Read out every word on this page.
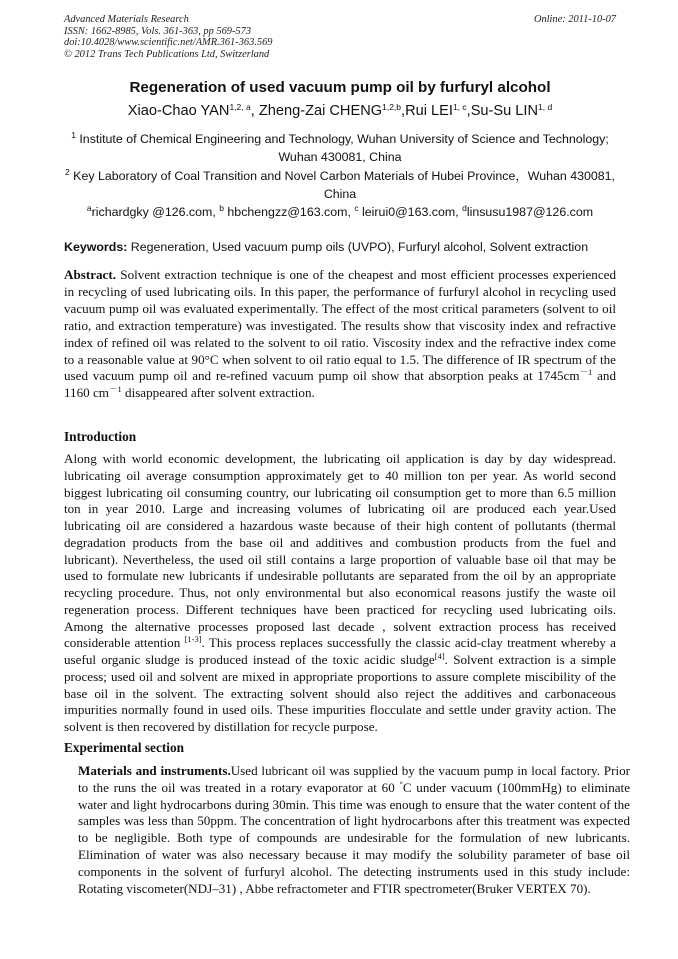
Advanced Materials Research
ISSN: 1662-8985, Vols. 361-363, pp 569-573
doi:10.4028/www.scientific.net/AMR.361-363.569
© 2012 Trans Tech Publications Ltd, Switzerland
Online: 2011-10-07
Regeneration of used vacuum pump oil by furfuryl alcohol
Xiao-Chao YAN$^{1,2, a}$, Zheng-Zai CHENG$^{1,2,b}$,Rui LEI$^{1, c}$,Su-Su LIN$^{1, d}$
$^1$ Institute of Chemical Engineering and Technology, Wuhan University of Science and Technology; Wuhan 430081, China
$^2$ Key Laboratory of Coal Transition and Novel Carbon Materials of Hubei Province，Wuhan 430081, China
$^a$richardgky @126.com, $^b$ hbchengzz@163.com, $^c$ leirui0@163.com, $^d$linsusu1987@126.com
Keywords: Regeneration, Used vacuum pump oils (UVPO), Furfuryl alcohol, Solvent extraction
Abstract. Solvent extraction technique is one of the cheapest and most efficient processes experienced in recycling of used lubricating oils. In this paper, the performance of furfuryl alcohol in recycling used vacuum pump oil was evaluated experimentally. The effect of the most critical parameters (solvent to oil ratio, and extraction temperature) was investigated. The results show that viscosity index and refractive index of refined oil was related to the solvent to oil ratio. Viscosity index and the refractive index come to a reasonable value at 90°C when solvent to oil ratio equal to 1.5. The difference of IR spectrum of the used vacuum pump oil and re-refined vacuum pump oil show that absorption peaks at $1745cm^{-1}$ and 1160 $cm^{-1}$ disappeared after solvent extraction.
Introduction
Along with world economic development, the lubricating oil application is day by day widespread. lubricating oil average consumption approximately get to 40 million ton per year. As world second biggest lubricating oil consuming country, our lubricating oil consumption get to more than 6.5 million ton in year 2010. Large and increasing volumes of lubricating oil are produced each year.Used lubricating oil are considered a hazardous waste because of their high content of pollutants (thermal degradation products from the base oil and additives and combustion products from the fuel and lubricant). Nevertheless, the used oil still contains a large proportion of valuable base oil that may be used to formulate new lubricants if undesirable pollutants are separated from the oil by an appropriate recycling procedure. Thus, not only environmental but also economical reasons justify the waste oil regeneration process. Different techniques have been practiced for recycling used lubricating oils. Among the alternative processes proposed last decade , solvent extraction process has received considerable attention [1-3]. This process replaces successfully the classic acid-clay treatment whereby a useful organic sludge is produced instead of the toxic acidic sludge[4]. Solvent extraction is a simple process; used oil and solvent are mixed in appropriate proportions to assure complete miscibility of the base oil in the solvent. The extracting solvent should also reject the additives and carbonaceous impurities normally found in used oils. These impurities flocculate and settle under gravity action. The solvent is then recovered by distillation for recycle purpose.
Experimental section
Materials and instruments.Used lubricant oil was supplied by the vacuum pump in local factory. Prior to the runs the oil was treated in a rotary evaporator at 60 °C under vacuum (100mmHg) to eliminate water and light hydrocarbons during 30min. This time was enough to ensure that the water content of the samples was less than 50ppm. The concentration of light hydrocarbons after this treatment was expected to be negligible. Both type of compounds are undesirable for the formulation of new lubricants. Elimination of water was also necessary because it may modify the solubility parameter of base oil components in the solvent of furfuryl alcohol. The detecting instruments used in this study include: Rotating viscometer(NDJ–31) , Abbe refractometer and FTIR spectrometer(Bruker VERTEX 70).
